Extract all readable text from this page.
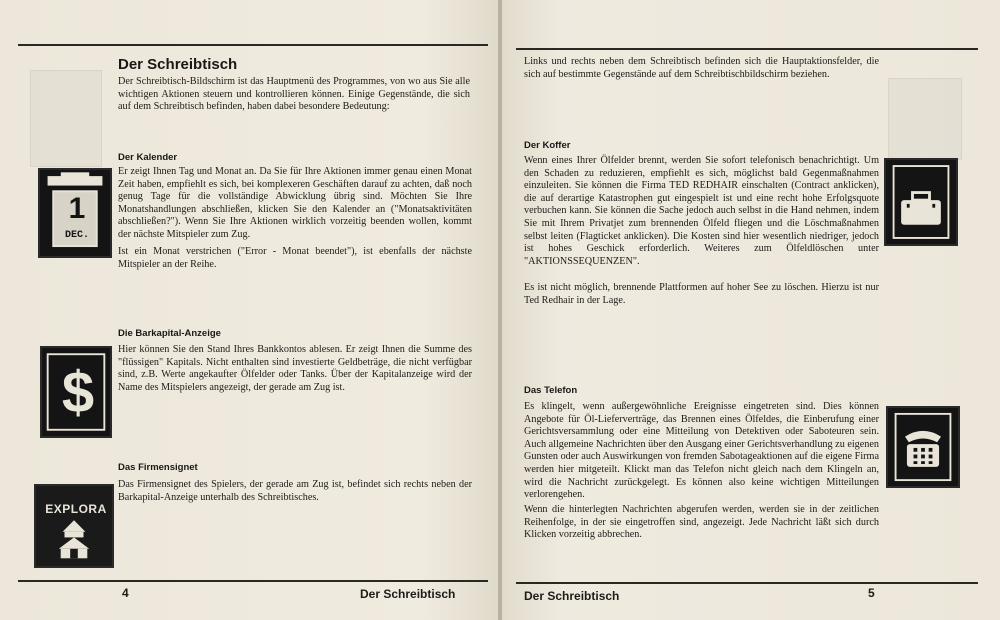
Der Schreibtisch

Der Schreibtisch-Bildschirm ist das Hauptmenü des Programmes, von wo aus Sie alle wichtigen Aktionen steuern und kontrollieren können. Einige Gegenstände, die sich auf dem Schreibtisch befinden, haben dabei besondere Bedeutung:

Der Kalender

Er zeigt Ihnen Tag und Monat an. Da Sie für Ihre Aktionen immer genau einen Monat Zeit haben, empfiehlt es sich, bei komplexeren Geschäften darauf zu achten, daß noch genug Tage für die vollständige Abwicklung übrig sind. Möchten Sie Ihre Monatshandlungen abschließen, klicken Sie den Kalender an ("Monatsaktivitäten abschließen?"). Wenn Sie Ihre Aktionen wirklich vorzeitig beenden wollen, kommt der nächste Mitspieler zum Zug.

Ist ein Monat verstrichen ("Error - Monat beendet"), ist ebenfalls der nächste Mitspieler an der Reihe.

1
DEC.
Die Barkapital-Anzeige

Hier können Sie den Stand Ihres Bankkontos ablesen. Er zeigt Ihnen die Summe des "flüssigen" Kapitals. Nicht enthalten sind investierte Geldbeträge, die nicht verfügbar sind, z.B. Werte angekaufter Ölfelder oder Tanks. Über der Kapitalanzeige wird der Name des Mitspielers angezeigt, der gerade am Zug ist.

$
Das Firmensignet

Das Firmensignet des Spielers, der gerade am Zug ist, befindet sich rechts neben der Barkapital-Anzeige unterhalb des Schreibtisches.

EXPLORA
4	Der Schreibtisch

Links und rechts neben dem Schreibtisch befinden sich die Hauptaktionsfelder, die sich auf bestimmte Gegenstände auf dem Schreibtischbildschirm beziehen.

Der Koffer

Wenn eines Ihrer Ölfelder brennt, werden Sie sofort telefonisch benachrichtigt. Um den Schaden zu reduzieren, empfiehlt es sich, möglichst bald Gegenmaßnahmen einzuleiten. Sie können die Firma TED REDHAIR einschalten (Contract anklicken), die auf derartige Katastrophen gut eingespielt ist und eine recht hohe Erfolgsquote verbuchen kann. Sie können die Sache jedoch auch selbst in die Hand nehmen, indem Sie mit Ihrem Privatjet zum brennenden Ölfeld fliegen und die Löschmaßnahmen selbst leiten (Flagticket anklicken). Die Kosten sind hier wesentlich niedriger, jedoch ist hohes Geschick erforderlich. Weiteres zum Ölfeldlöschen unter "AKTIONSSEQUENZEN".

Es ist nicht möglich, brennende Plattformen auf hoher See zu löschen. Hierzu ist nur Ted Redhair in der Lage.

Das Telefon

Es klingelt, wenn außergewöhnliche Ereignisse eingetreten sind. Dies können Angebote für Öl-Lieferverträge, das Brennen eines Ölfeldes, die Einberufung einer Gerichtsversammlung oder eine Mitteilung von Detektiven oder Saboteuren sein. Auch allgemeine Nachrichten über den Ausgang einer Gerichtsverhandlung zu eigenen Gunsten oder auch Auswirkungen von fremden Sabotageaktionen auf die eigene Firma werden hier mitgeteilt. Klickt man das Telefon nicht gleich nach dem Klingeln an, wird die Nachricht zurückgelegt. Es können also keine wichtigen Mitteilungen verlorengehen.

Wenn die hinterlegten Nachrichten abgerufen werden, werden sie in der zeitlichen Reihenfolge, in der sie eingetroffen sind, angezeigt. Jede Nachricht läßt sich durch Klicken vorzeitig abbrechen.

Der Schreibtisch	5
